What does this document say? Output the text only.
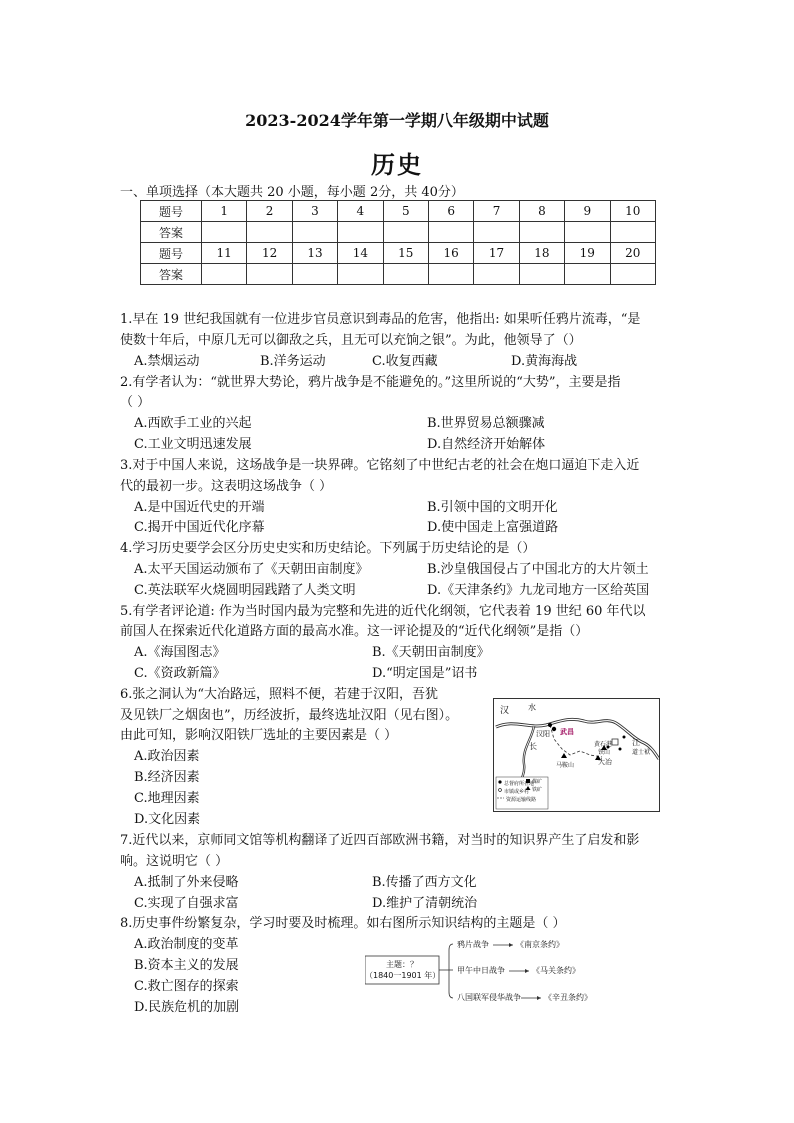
2023-2024学年第一学期八年级期中试题
历史
一、单项选择（本大题共 20 小题，每小题 2分，共 40分）
题号	1	2	3	4	5	6	7	8	9	10
答案										
题号	11	12	13	14	15	16	17	18	19	20
答案										
1.早在 19 世纪我国就有一位进步官员意识到毒品的危害，他指出: 如果听任鸦片流毒，“是
使数十年后，中原几无可以御敌之兵，且无可以充饷之银”。为此，他领导了（）
A.禁烟运动	B.洋务运动	C.收复西藏	D.黄海海战
2.有学者认为：“就世界大势论，鸦片战争是不能避免的。”这里所说的“大势”，主要是指
（ ）
A.西欧手工业的兴起	B.世界贸易总额骤减
C.工业文明迅速发展	D.自然经济开始解体
3.对于中国人来说，这场战争是一块界碑。它铭刻了中世纪古老的社会在炮口逼迫下走入近
代的最初一步。这表明这场战争（ ）
A.是中国近代史的开端	B.引领中国的文明开化
C.揭开中国近代化序幕	D.使中国走上富强道路
4.学习历史要学会区分历史史实和历史结论。下列属于历史结论的是（）
A.太平天国运动颁布了《天朝田亩制度》	B.沙皇俄国侵占了中国北方的大片领土
C.英法联军火烧圆明园践踏了人类文明	D.《天津条约》九龙司地方一区给英国
5.有学者评论道: 作为当时国内最为完整和先进的近代化纲领，它代表着 19 世纪 60 年代以
前国人在探索近代化道路方面的最高水准。这一评论提及的“近代化纲领”是指（）
A.《海国图志》	B.《天朝田亩制度》
C.《资政新篇》	D.“明定国是”诏书
6.张之洞认为“大冶路远，照料不便，若建于汉阳，吾犹
及见铁厂之烟囱也”，历经波折，最终选址汉阳（见右图）。
由此可知，影响汉阳铁厂选址的主要因素是（ ）
A.政治因素
B.经济因素
C.地理因素
D.文化因素
汉 水
汉阳 武昌
长	黄石港
铁山
大冶
江
道士袱
马鞍山
总督府所在地
市镇或乡村
资源运输线路
煤矿
铁矿
7.近代以来，京师同文馆等机构翻译了近四百部欧洲书籍，对当时的知识界产生了启发和影
响。这说明它（ ）
A.抵制了外来侵略	B.传播了西方文化
C.实现了自强求富	D.维护了清朝统治
8.历史事件纷繁复杂，学习时要及时梳理。如右图所示知识结构的主题是（ ）
A.政治制度的变革
B.资本主义的发展
C.救亡图存的探索
D.民族危机的加剧
主题：？
（1840一1901 年）
鸦片战争	《南京条约》
甲午中日战争	《马关条约》
八国联军侵华战争	《辛丑条约》
